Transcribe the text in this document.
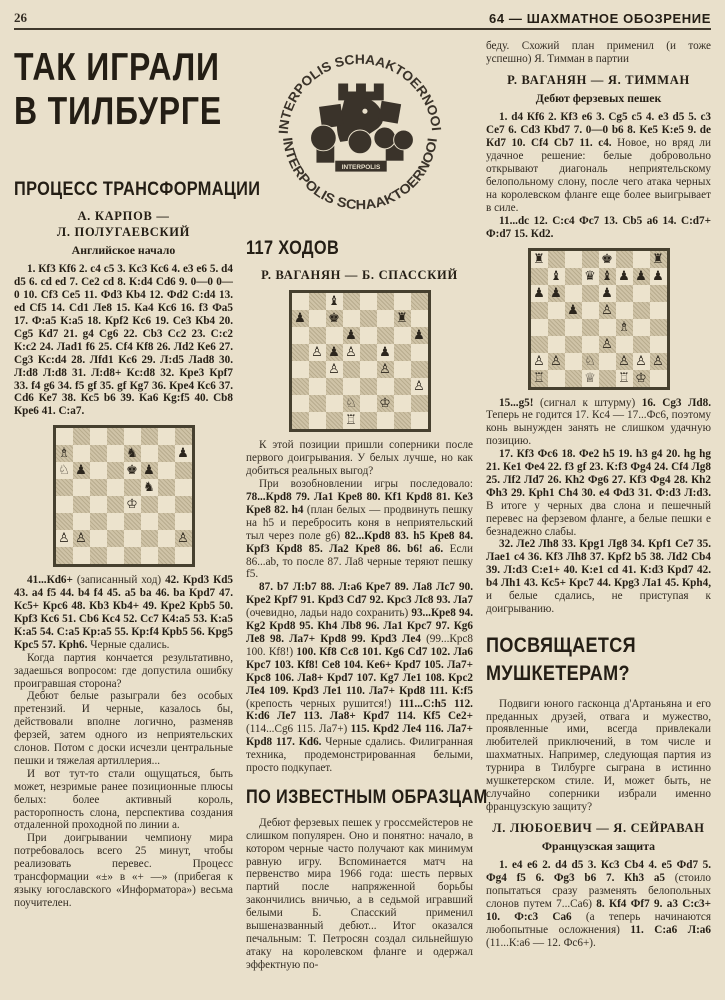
26	64 — ШАХМАТНОЕ ОБОЗРЕНИЕ
ТАК ИГРАЛИ
В ТИЛБУРГЕ
ПРОЦЕСС ТРАНСФОРМАЦИИ
А. КАРПОВ —
Л. ПОЛУГАЕВСКИЙ
Английское начало

1. Кf3 Кf6 2. c4 c5 3. Кc3 Кc6 4. e3 e6 5. d4 d5 6. cd ed 7. Ce2 cd 8. К:d4 Cd6 9. 0—0 0—0 10. Cf3 Ce5 11. Фd3 Кb4 12. Фd2 C:d4 13. ed Cf5 14. Cd1 Лe8 15. Кa4 Кc6 16. f3 Фa5 17. Ф:a5 К:a5 18. Крf2 Кc6 19. Ce3 Кb4 20. Cg5 Кd7 21. g4 Cg6 22. Cb3 Cc2 23. C:c2 К:c2 24. Лad1 f6 25. Cf4 Кf8 26. Лd2 Кe6 27. Cg3 Кc:d4 28. Лfd1 Кc6 29. Л:d5 Лad8 30. Л:d8 Л:d8 31. Л:d8+ Кc:d8 32. Крe3 Крf7 33. f4 g6 34. f5 gf 35. gf Кg7 36. Крe4 Кc6 37. Cd6 Кe7 38. Кc5 b6 39. Кa6 Кg:f5 40. Cb8 Крe6 41. C:a7.

♗	♞	♟
♘ ♟	♚ ♟
♞
♔
♙ ♙	♙

41...Кd6+ (записанный ход) 42. Крd3 Кd5 43. a4 f5 44. b4 f4 45. a5 ba 46. ba Крd7 47. Кc5+ Крc6 48. Кb3 Кb4+ 49. Крe2 Крb5 50. Крf3 Кc6 51. Cb6 Кc4 52. Cc7 К4:a5 53. К:a5 К:a5 54. C:a5 Кр:a5 55. Кр:f4 Крb5 56. Крg5 Крc5 57. Крh6. Черные сдались.

Когда партия кончается результативно, задаешься вопросом: где допустила ошибку проигравшая сторона?

Дебют белые разыграли без особых претензий. И черные, казалось бы, действовали вполне логично, разменяв ферзей, затем одного из неприятельских слонов. Потом с доски исчезли центральные пешки и тяжелая артиллерия...

И вот тут-то стали ощущаться, быть может, незримые ранее позиционные плюсы белых: более активный король, расторопность слона, перспектива создания отдаленной проходной по линии a.

При доигрывании чемпиону мира потребовалось всего 25 минут, чтобы реализовать перевес. Процесс трансформации «±» в «+ —» (прибегая к языку югославского «Информатора») весьма поучителен.

INTERPOLIS SCHAAKTOERNOOI
INTERPOLIS SCHAAKTOERNOOI
INTERPOLIS
117 ХОДОВ
Р. ВАГАНЯН — Б. СПАССКИЙ
♝
♟ ♚	♜
♟	♟
♙ ♟ ♙ ♟
♙	♙
♙
♘ ♔
♖

К этой позиции пришли соперники после первого доигрывания. У белых лучше, но как добиться реальных выгод?

При возобновлении игры последовало: 78...Крd8 79. Лa1 Крe8 80. Кf1 Крd8 81. Кe3 Крe8 82. h4 (план белых — продвинуть пешку на h5 и перебросить коня в неприятельский тыл через поле g6) 82...Крd8 83. h5 Крe8 84. Крf3 Крd8 85. Лa2 Крe8 86. b6! a6. Если 86...ab, то после 87. Лa8 черные теряют пешку f5.

87. b7 Л:b7 88. Л:a6 Крe7 89. Лa8 Лc7 90. Крe2 Крf7 91. Крd3 Cd7 92. Крc3 Лc8 93. Лa7 (очевидно, ладьи надо сохранить) 93...Крe8 94. Кg2 Крd8 95. Кh4 Лb8 96. Лa1 Крc7 97. Кg6 Лe8 98. Лa7+ Крd8 99. Крd3 Лe4 (99...Крc8 100. Кf8!) 100. Кf8 Cc8 101. Кg6 Cd7 102. Лa6 Крc7 103. Кf8! Ce8 104. Кe6+ Крd7 105. Лa7+ Крc8 106. Лa8+ Крd7 107. Кg7 Лe1 108. Крc2 Лe4 109. Крd3 Лe1 110. Лa7+ Крd8 111. К:f5 (крепость черных рушится!) 111...C:h5 112. К:d6 Лe7 113. Лa8+ Крd7 114. Кf5 Ce2+ (114...Cg6 115. Лa7+) 115. Крd2 Лe4 116. Лa7+ Крd8 117. Кd6. Черные сдались. Филигранная техника, продемонстрированная белыми, просто подкупает.

ПО ИЗВЕСТНЫМ ОБРАЗЦАМ

Дебют ферзевых пешек у гроссмейстеров не слишком популярен. Оно и понятно: начало, в котором черные часто получают как минимум равную игру. Вспоминается матч на первенство мира 1966 года: шесть первых партий после напряженной борьбы закончились вничью, а в седьмой игравший белыми Б. Спасский применил вышеназванный дебют... Итог оказался печальным: Т. Петросян создал сильнейшую атаку на королевском фланге и одержал эффектную по-

беду. Схожий план применил (и тоже успешно) Я. Тимман в партии

Р. ВАГАНЯН — Я. ТИММАН
Дебют ферзевых пешек

1. d4 Кf6 2. Кf3 e6 3. Cg5 c5 4. e3 d5 5. c3 Ce7 6. Cd3 Кbd7 7. 0—0 b6 8. Кe5 К:e5 9. de Кd7 10. Cf4 Cb7 11. c4. Новое, но вряд ли удачное решение: белые добровольно открывают диагональ неприятельскому белопольному слону, после чего атака черных на королевском фланге еще более выигрывает в силе.

11...dc 12. C:c4 Фc7 13. Cb5 a6 14. C:d7+ Ф:d7 15. Кd2.

♜	♚	♜
♝ ♛ ♝ ♟ ♟ ♟
♟ ♟	♟
♟ ♙
♗
♙
♙ ♙ ♘ ♙ ♙ ♙
♖	♕ ♖ ♔

15...g5! (сигнал к штурму) 16. Cg3 Лd8. Теперь не годится 17. Кc4 — 17...Фc6, поэтому конь вынужден занять не слишком удачную позицию.

17. Кf3 Фc6 18. Фe2 h5 19. h3 g4 20. hg hg 21. Кe1 Фe4 22. f3 gf 23. К:f3 Фg4 24. Cf4 Лg8 25. Лf2 Лd7 26. Кh2 Фg6 27. Кf3 Фg4 28. Кh2 Фh3 29. Крh1 Ch4 30. e4 Фd3 31. Ф:d3 Л:d3. В итоге у черных два слона и пешечный перевес на ферзевом фланге, а белые пешки e безнадежно слабы.

32. Лe2 Лh8 33. Крg1 Лg8 34. Крf1 Ce7 35. Лae1 c4 36. Кf3 Лh8 37. Крf2 b5 38. Лd2 Cb4 39. Л:d3 C:e1+ 40. К:e1 cd 41. К:d3 Крd7 42. b4 Лh1 43. Кc5+ Крc7 44. Крg3 Лa1 45. Крh4, и белые сдались, не приступая к доигрыванию.

ПОСВЯЩАЕТСЯ
МУШКЕТЕРАМ?

Подвиги юного гасконца д'Артаньяна и его преданных друзей, отвага и мужество, проявленные ими, всегда привлекали любителей приключений, в том числе и шахматных. Например, следующая партия из турнира в Тилбурге сыграна в истинно мушкетерском стиле. И, может быть, не случайно соперники избрали именно французскую защиту?

Л. ЛЮБОЕВИЧ — Я. СЕЙРАВАН
Французская защита

1. e4 e6 2. d4 d5 3. Кc3 Cb4 4. e5 Фd7 5. Фg4 f5 6. Фg3 b6 7. Кh3 a5 (стоило попытаться сразу разменять белопольных слонов путем 7...Ca6) 8. Кf4 Фf7 9. a3 C:c3+ 10. Ф:c3 Ca6 (а теперь начинаются любопытные осложнения) 11. C:a6 Л:a6 (11...К:a6 — 12. Фc6+).
